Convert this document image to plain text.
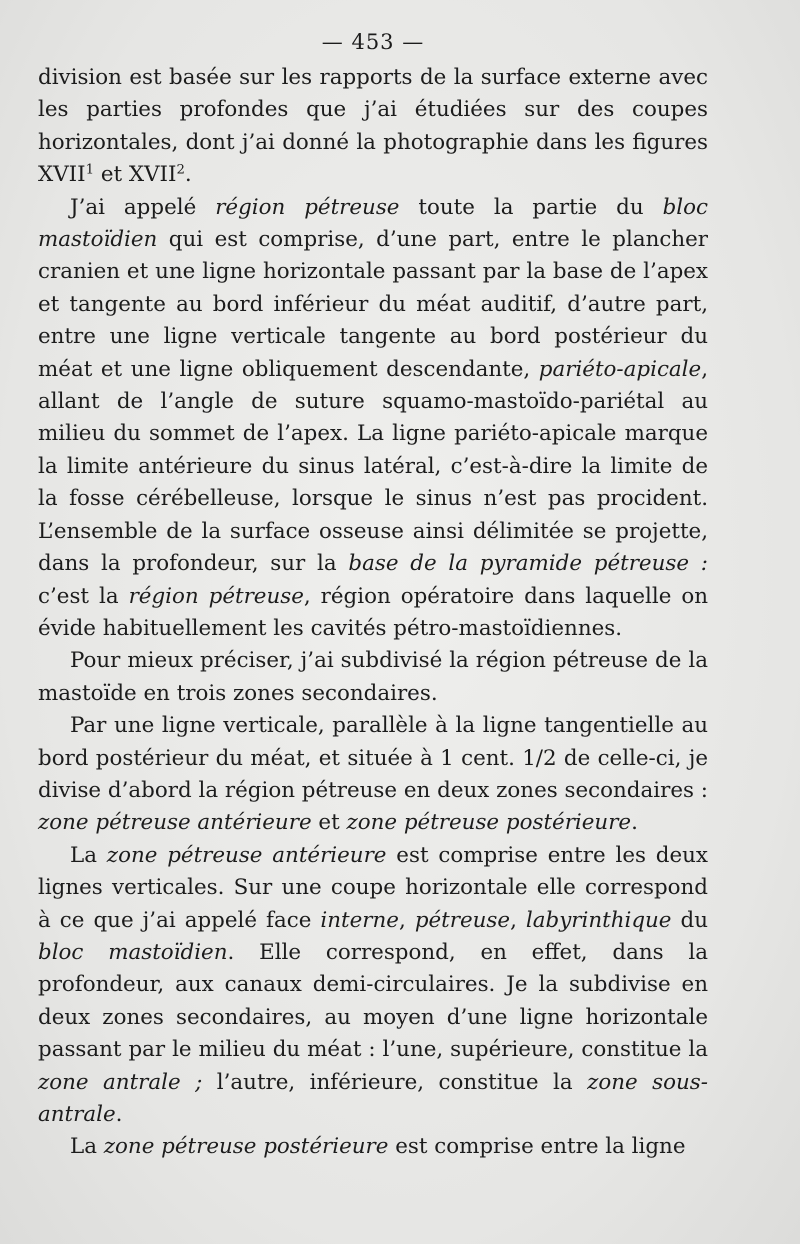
— 453 —

division est basée sur les rapports de la surface externe avec les parties profondes que j’ai étudiées sur des coupes horizontales, dont j’ai donné la photographie dans les figures XVII$^1$ et XVII$^2$.

J’ai appelé région pétreuse toute la partie du bloc mastoïdien qui est comprise, d’une part, entre le plancher cranien et une ligne horizontale passant par la base de l’apex et tangente au bord inférieur du méat auditif, d’autre part, entre une ligne verticale tangente au bord postérieur du méat et une ligne obliquement descendante, pariéto-apicale, allant de l’angle de suture squamo-mastoïdo-pariétal au milieu du sommet de l’apex. La ligne pariéto-apicale marque la limite antérieure du sinus latéral, c’est-à-dire la limite de la fosse cérébelleuse, lorsque le sinus n’est pas procident. L’ensemble de la surface osseuse ainsi délimitée se projette, dans la profondeur, sur la base de la pyramide pétreuse : c’est la région pétreuse, région opératoire dans laquelle on évide habituellement les cavités pétro-mastoïdiennes.

Pour mieux préciser, j’ai subdivisé la région pétreuse de la mastoïde en trois zones secondaires.

Par une ligne verticale, parallèle à la ligne tangentielle au bord postérieur du méat, et située à 1 cent. 1/2 de celle-ci, je divise d’abord la région pétreuse en deux zones secondaires : zone pétreuse antérieure et zone pétreuse postérieure.

La zone pétreuse antérieure est comprise entre les deux lignes verticales. Sur une coupe horizontale elle correspond à ce que j’ai appelé face interne, pétreuse, labyrinthique du bloc mastoïdien. Elle correspond, en effet, dans la profondeur, aux canaux demi-circulaires. Je la subdivise en deux zones secondaires, au moyen d’une ligne horizontale passant par le milieu du méat : l’une, supérieure, constitue la zone antrale ; l’autre, inférieure, constitue la zone sous-antrale.

La zone pétreuse postérieure est comprise entre la ligne
